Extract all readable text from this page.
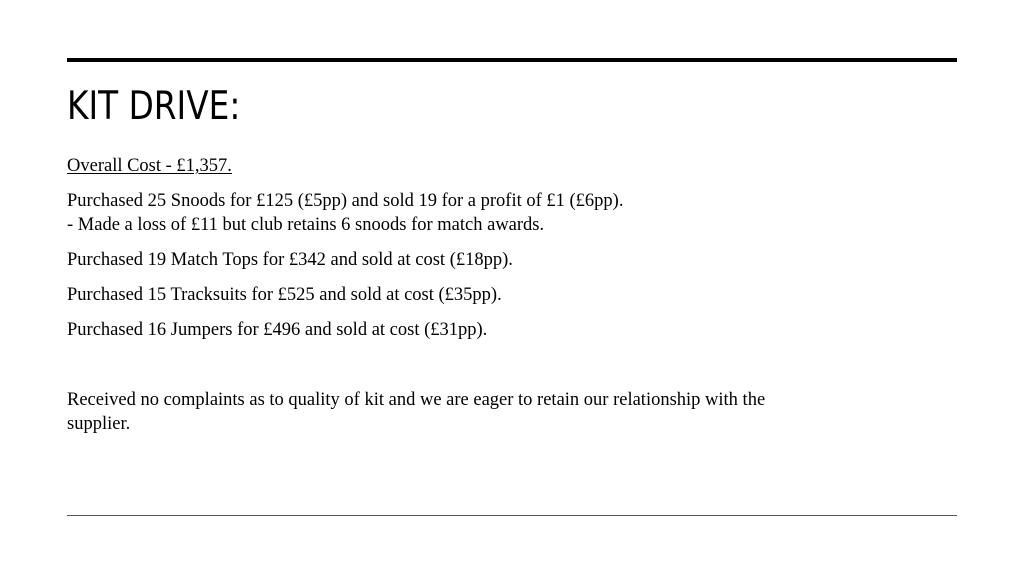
KIT DRIVE:

Overall Cost - £1,357.

Purchased 25 Snoods for £125 (£5pp) and sold 19 for a profit of £1 (£6pp).
- Made a loss of £11 but club retains 6 snoods for match awards.

Purchased 19 Match Tops for £342 and sold at cost (£18pp).

Purchased 15 Tracksuits for £525 and sold at cost (£35pp).

Purchased 16 Jumpers for £496 and sold at cost (£31pp).

Received no complaints as to quality of kit and we are eager to retain our relationship with the
supplier.
